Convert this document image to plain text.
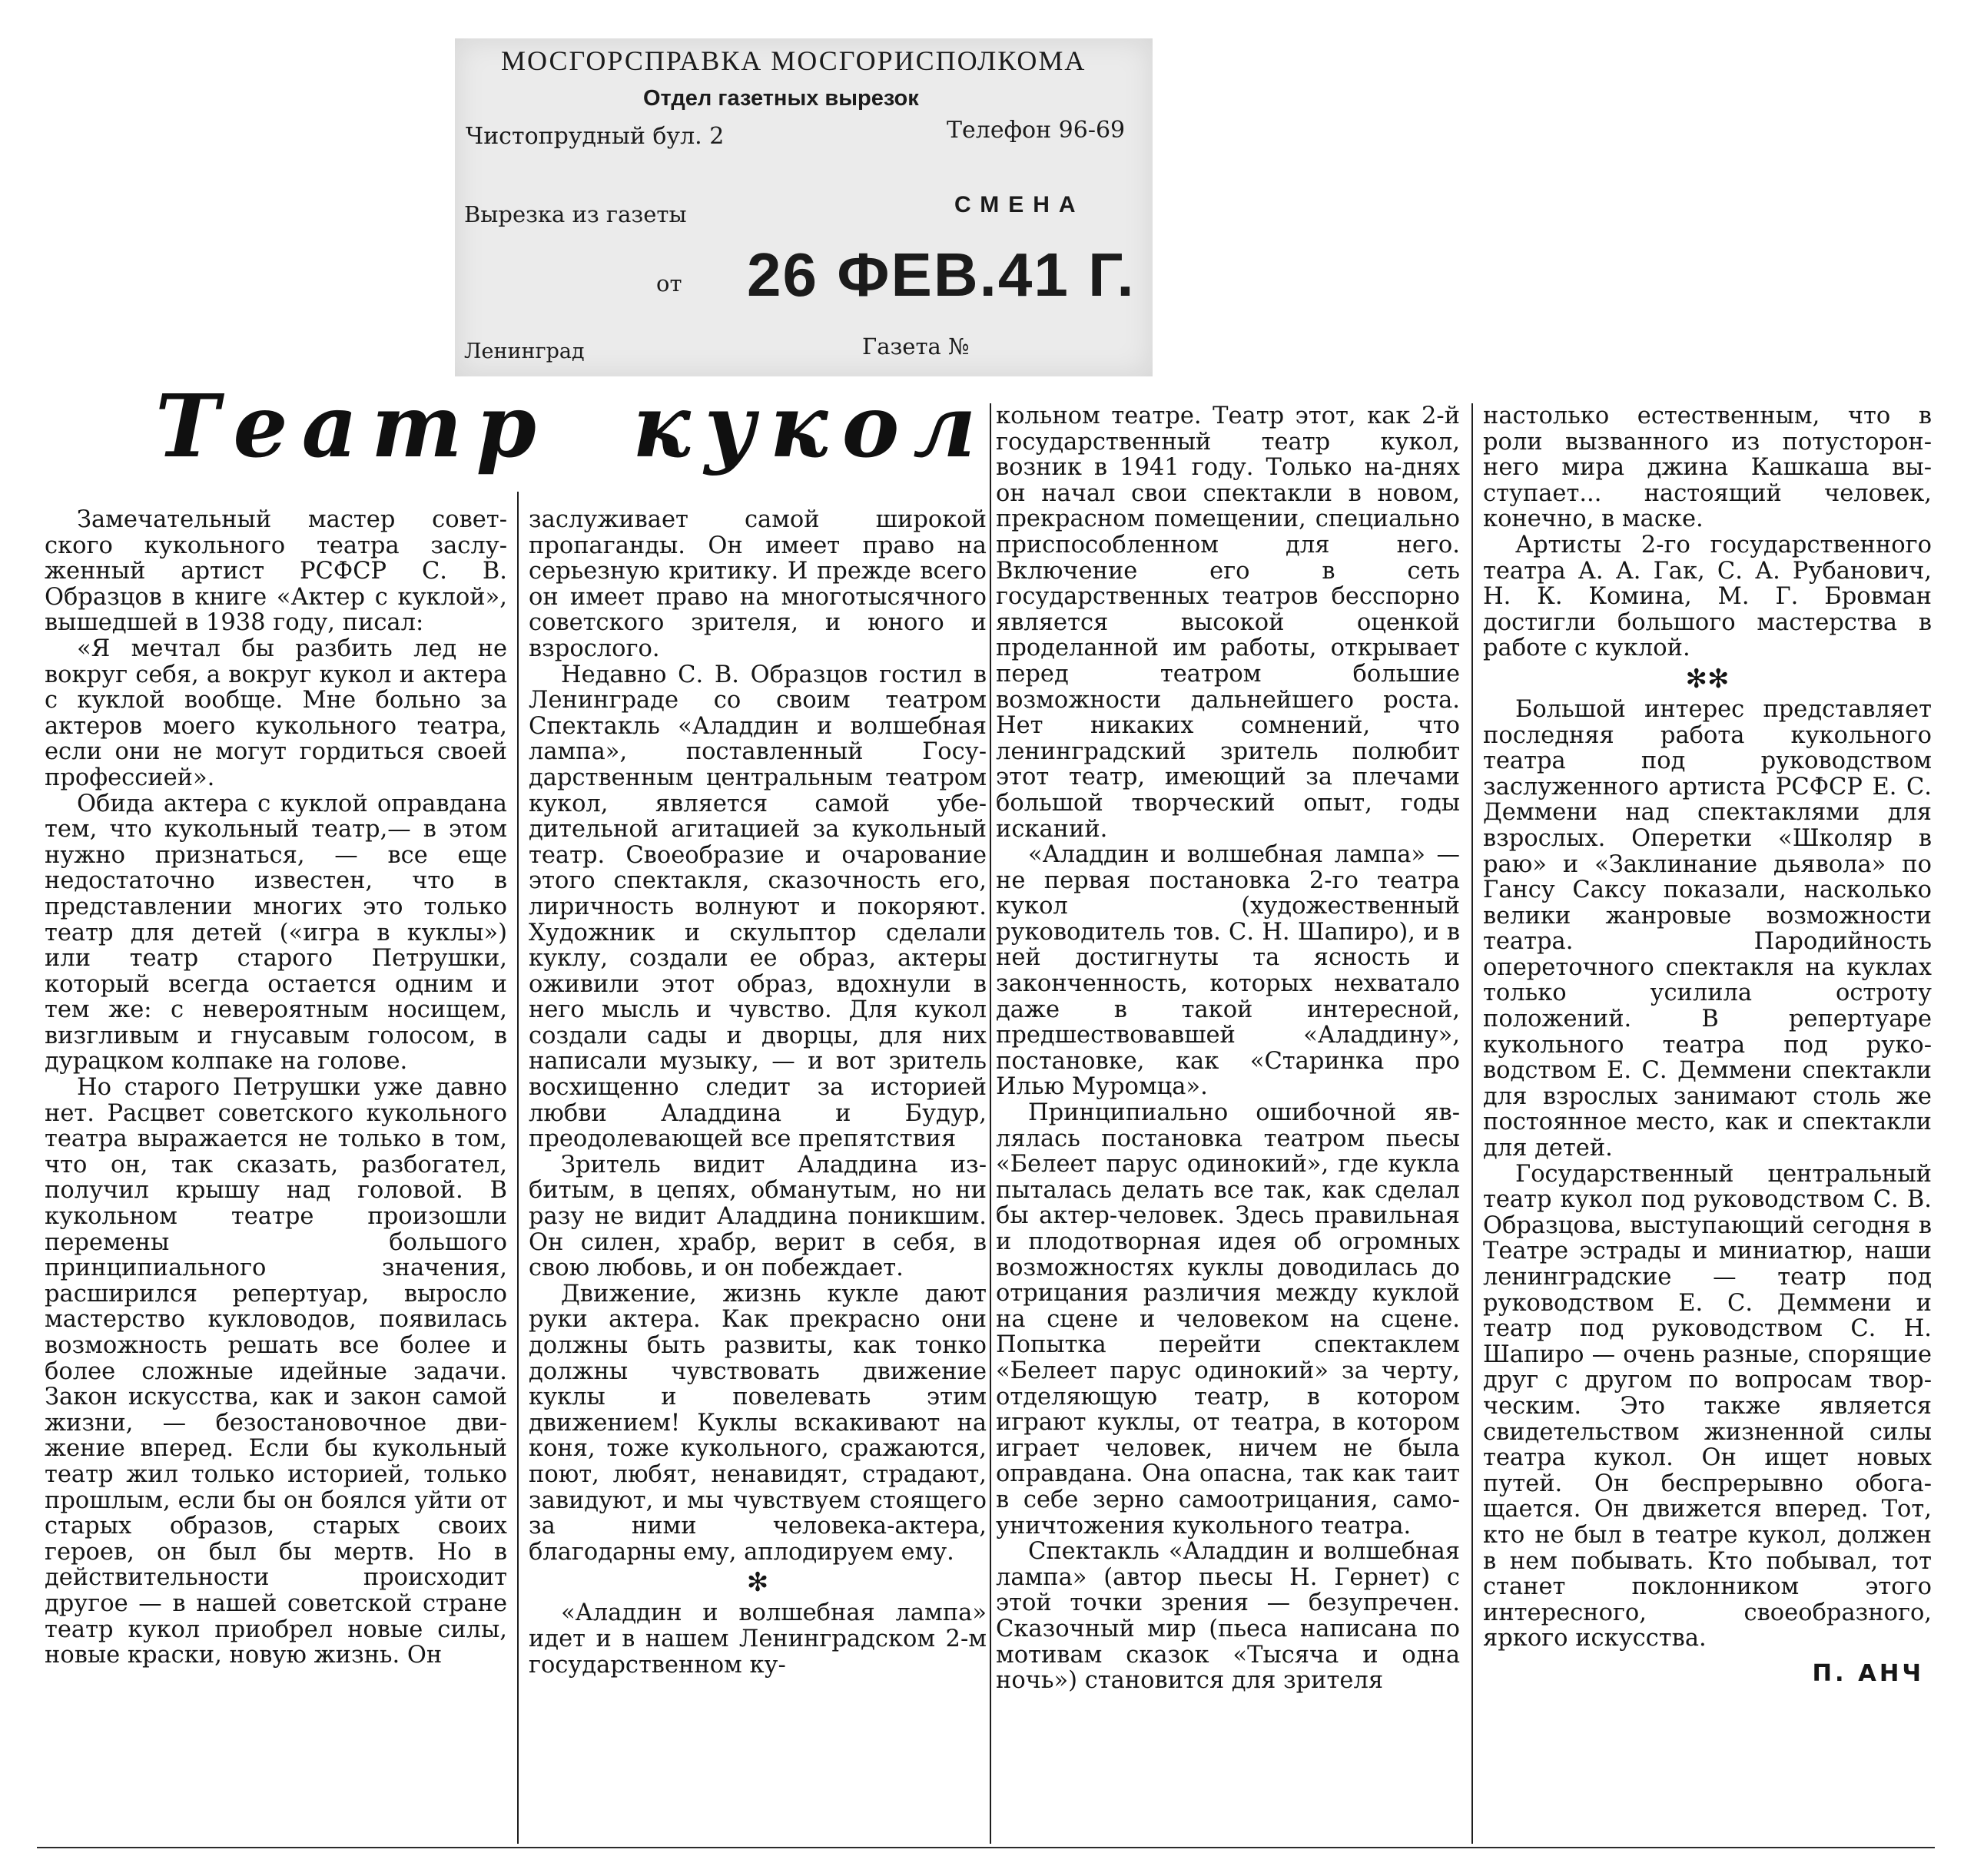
МОСГОРСПРАВКА МОСГОРИСПОЛКОМА
Отдел газетных вырезок
Чистопрудный бул. 2	Телефон 96-69
Вырезка из газеты	СМЕНА
от 26 ФЕВ.41 Г.
Ленинград	Газета №
Театр кукол

Замечательный мастер советского кукольного театра заслуженный артист РСФСР С. В. Образцов в книге «Актер с куклой», вышедшей в 1938 году, писал:

«Я мечтал бы разбить лед не вокруг себя, а вокруг кукол и актера с куклой вообще. Мне больно за актеров моего кукольного театра, если они не могут гордиться своей профессией».

Обида актера с куклой оправдана тем, что кукольный театр,— в этом нужно признаться, — все еще недостаточно известен, что в представлении многих это только театр для детей («игра в куклы») или театр старого Петрушки, который всегда остается одним и тем же: с невероятным носищем, визгливым и гнусавым голосом, в дурацком колпаке на голове.

Но старого Петрушки уже давно нет. Расцвет советского кукольного театра выражается не только в том, что он, так сказать, разбогател, получил крышу над головой. В кукольном театре произошли перемены большого принципиального значения, расширился репертуар, выросло мастерство кукловодов, появилась возможность решать все более и более сложные идейные задачи. Закон искусства, как и закон самой жизни, — безостановочное движение вперед. Если бы кукольный театр жил только историей, только прошлым, если бы он боялся уйти от старых образов, старых своих героев, он был бы мертв. Но в действительности происходит другое — в нашей советской стране театр кукол приобрел новые силы, новые краски, новую жизнь. Он

заслуживает самой широкой пропаганды. Он имеет право на серьезную критику. И прежде всего он имеет право на многотысячного советского зрителя, и юного и взрослого.

Недавно С. В. Образцов гостил в Ленинграде со своим театром Спектакль «Аладдин и волшебная лампа», поставленный Государственным центральным театром кукол, является самой убедительной агитацией за кукольный театр. Своеобразие и очарование этого спектакля, сказочность его, лиричность волнуют и покоряют. Художник и скульптор сделали куклу, создали ее образ, актеры оживили этот образ, вдохнули в него мысль и чувство. Для кукол создали сады и дворцы, для них написали музыку, — и вот зритель восхищенно следит за историей любви Аладдина и Будур, преодолевающей все препятствия

Зритель видит Аладдина избитым, в цепях, обманутым, но ни разу не видит Аладдина поникшим. Он силен, храбр, верит в себя, в свою любовь, и он побеждает.

Движение, жизнь кукле дают руки актера. Как прекрасно они должны быть развиты, как тонко должны чувствовать движение куклы и повелевать этим движением! Куклы вскакивают на коня, тоже кукольного, сражаются, поют, любят, ненавидят, страдают, завидуют, и мы чувствуем стоящего за ними человека-актера, благодарны ему, аплодируем ему.

✻

«Аладдин и волшебная лампа» идет и в нашем Ленинградском 2-м государственном ку-

кольном театре. Театр этот, как 2-й государственный театр кукол, возник в 1941 году. Только на-днях он начал свои спектакли в новом, прекрасном помещении, специально приспособленном для него. Включение его в сеть государственных театров бесспорно является высокой оценкой проделанной им работы, открывает перед театром большие возможности дальнейшего роста. Нет никаких сомнений, что ленинградский зритель полюбит этот театр, имеющий за плечами большой творческий опыт, годы исканий.

«Аладдин и волшебная лампа» — не первая постановка 2-го театра кукол (художественный руководитель тов. С. Н. Шапиро), и в ней достигнуты та ясность и законченность, которых нехватало даже в такой интересной, предшествовавшей «Аладдину», постановке, как «Старинка про Илью Муромца».

Принципиально ошибочной являлась постановка театром пьесы «Белеет парус одинокий», где кукла пыталась делать все так, как сделал бы актер-человек. Здесь правильная и плодотворная идея об огромных возможностях куклы доводилась до отрицания различия между куклой на сцене и человеком на сцене. Попытка перейти спектаклем «Белеет парус одинокий» за черту, отделяющую театр, в котором играют куклы, от театра, в котором играет человек, ничем не была оправдана. Она опасна, так как таит в себе зерно самоотрицания, самоуничтожения кукольного театра.

Спектакль «Аладдин и волшебная лампа» (автор пьесы Н. Гернет) с этой точки зрения — безупречен. Сказочный мир (пьеса написана по мотивам сказок «Тысяча и одна ночь») становится для зрителя

настолько естественным, что в роли вызванного из потустороннего мира джина Кашкаша выступает... настоящий человек, конечно, в маске.

Артисты 2-го государственного театра А. А. Гак, С. А. Рубанович, Н. К. Комина, М. Г. Бровман достигли большого мастерства в работе с куклой.

✻✻

Большой интерес представляет последняя работа кукольного театра под руководством заслуженного артиста РСФСР Е. С. Деммени над спектаклями для взрослых. Оперетки «Школяр в раю» и «Заклинание дьявола» по Гансу Саксу показали, насколько велики жанровые возможности театра. Пародийность опереточного спектакля на куклах только усилила остроту положений. В репертуаре кукольного театра под руководством Е. С. Деммени спектакли для взрослых занимают столь же постоянное место, как и спектакли для детей.

Государственный центральный театр кукол под руководством С. В. Образцова, выступающий сегодня в Театре эстрады и миниатюр, наши ленинградские — театр под руководством Е. С. Деммени и театр под руководством С. Н. Шапиро — очень разные, спорящие друг с другом по вопросам творческим. Это также является свидетельством жизненной силы театра кукол. Он ищет новых путей. Он беспрерывно обогащается. Он движется вперед. Тот, кто не был в театре кукол, должен в нем побывать. Кто побывал, тот станет поклонником этого интересного, своеобразного, яркого искусства.

П. АНЧ
